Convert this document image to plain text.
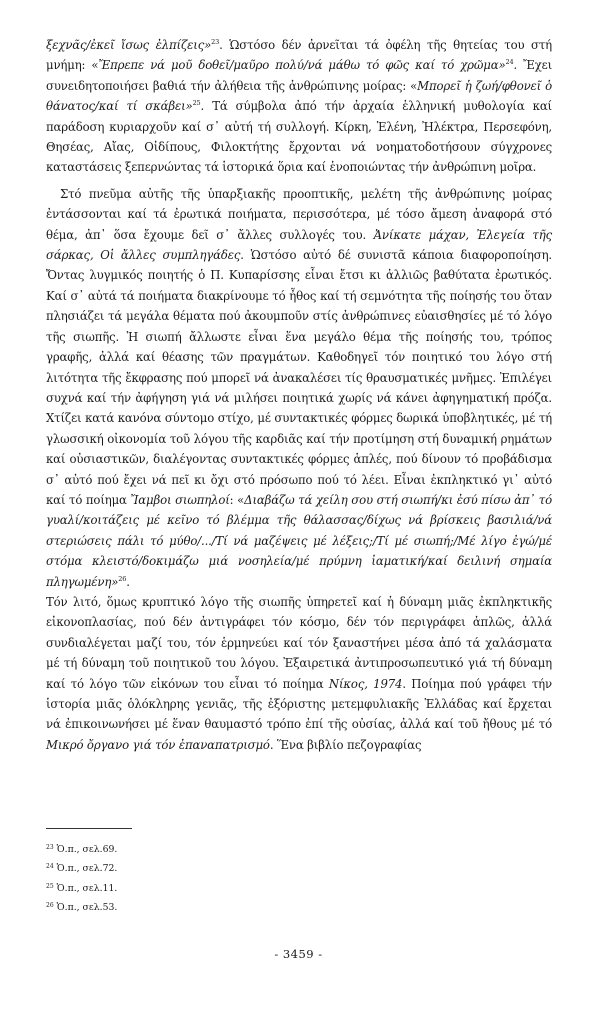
ξεχνᾶς/ἐκεῖ ἴσως ἐλπίζεις»$^{23}$. Ὡστόσο δέν ἀρνεῖται τά ὀφέλη τῆς θητείας του στή μνήμη: «Ἔπρεπε νά μοῦ δοθεῖ/μαῦρο πολύ/νά μάθω τό φῶς καί τό χρῶμα»$^{24}$. Ἔχει συνειδητοποιήσει βαθιά τήν ἀλήθεια τῆς ἀνθρώπινης μοίρας: «Μπορεῖ ἡ ζωή/φθονεῖ ὁ θάνατος/καί τί σκάβει»$^{25}$. Τά σύμβολα ἀπό τήν ἀρχαία ἑλληνική μυθολογία καί παράδοση κυριαρχοῦν καί σ᾽ αὐτή τή συλλογή. Κίρκη, Ἑλένη, Ἠλέκτρα, Περσεφόνη, Θησέας, Αἴας, Οἰδίπους, Φιλοκτήτης ἔρχονται νά νοηματοδοτήσουν σύγχρονες καταστάσεις ξεπερνώντας τά ἱστορικά ὅρια καί ἑνοποιώντας τήν ἀνθρώπινη μοῖρα.

Στό πνεῦμα αὐτῆς τῆς ὑπαρξιακῆς προοπτικῆς, μελέτη τῆς ἀνθρώπινης μοίρας ἐντάσσονται καί τά ἐρωτικά ποιήματα, περισσότερα, μέ τόσο ἄμεση ἀναφορά στό θέμα, ἀπ᾽ ὅσα ἔχουμε δεῖ σ᾽ ἄλλες συλλογές του. Ἀνίκατε μάχαν, Ἐλεγεία τῆς σάρκας, Οἱ ἄλλες συμπληγάδες. Ὡστόσο αὐτό δέ συνιστᾶ κάποια διαφοροποίηση. Ὄντας λυγμικός ποιητής ὁ Π. Κυπαρίσσης εἶναι ἔτσι κι ἀλλιῶς βαθύτατα ἐρωτικός. Καί σ᾽ αὐτά τά ποιήματα διακρίνουμε τό ἦθος καί τή σεμνότητα τῆς ποίησής του ὅταν πλησιάζει τά μεγάλα θέματα πού ἀκουμποῦν στίς ἀνθρώπινες εὐαισθησίες μέ τό λόγο τῆς σιωπῆς. Ἡ σιωπή ἄλλωστε εἶναι ἕνα μεγάλο θέμα τῆς ποίησής του, τρόπος γραφῆς, ἀλλά καί θέασης τῶν πραγμάτων. Καθοδηγεῖ τόν ποιητικό του λόγο στή λιτότητα τῆς ἔκφρασης πού μπορεῖ νά ἀνακαλέσει τίς θραυσματικές μνῆμες. Ἐπιλέγει συχνά καί τήν ἀφήγηση γιά νά μιλήσει ποιητικά χωρίς νά κάνει ἀφηγηματική πρόζα. Χτίζει κατά κανόνα σύντομο στίχο, μέ συντακτικές φόρμες δωρικά ὑποβλητικές, μέ τή γλωσσική οἰκονομία τοῦ λόγου τῆς καρδιᾶς καί τήν προτίμηση στή δυναμική ρημάτων καί οὐσιαστικῶν, διαλέγοντας συντακτικές φόρμες ἁπλές, πού δίνουν τό προβάδισμα σ᾽ αὐτό πού ἔχει νά πεῖ κι ὄχι στό πρόσωπο πού τό λέει. Εἶναι ἐκπληκτικό γι᾽ αὐτό καί τό ποίημα Ἴαμβοι σιωπηλοί: «Διαβάζω τά χείλη σου στή σιωπή/κι ἐσύ πίσω ἀπ᾽ τό γυαλί/κοιτάζεις μέ κεῖνο τό βλέμμα τῆς θάλασσας/δίχως νά βρίσκεις βασιλιά/νά στεριώσεις πάλι τό μύθο/.../Τί νά μαζέψεις μέ λέξεις;/Τί μέ σιωπή;/Μέ λίγο ἐγώ/μέ στόμα κλειστό/δοκιμάζω μιά νοσηλεία/μέ πρύμνη ἰαματική/καί δειλινή σημαία πληγωμένη»$^{26}$.

Τόν λιτό, ὅμως κρυπτικό λόγο τῆς σιωπῆς ὑπηρετεῖ καί ἡ δύναμη μιᾶς ἐκπληκτικῆς εἰκονοπλασίας, πού δέν ἀντιγράφει τόν κόσμο, δέν τόν περιγράφει ἁπλῶς, ἀλλά συνδιαλέγεται μαζί του, τόν ἑρμηνεύει καί τόν ξαναστήνει μέσα ἀπό τά χαλάσματα μέ τή δύναμη τοῦ ποιητικοῦ του λόγου. Ἐξαιρετικά ἀντιπροσωπευτικό γιά τή δύναμη καί τό λόγο τῶν εἰκόνων του εἶναι τό ποίημα Νίκος, 1974. Ποίημα πού γράφει τήν ἱστορία μιᾶς ὁλόκληρης γενιᾶς, τῆς ἐξόριστης μετεμφυλιακῆς Ἑλλάδας καί ἔρχεται νά ἐπικοινωνήσει μέ ἕναν θαυμαστό τρόπο ἐπί τῆς οὐσίας, ἀλλά καί τοῦ ἤθους μέ τό Μικρό ὄργανο γιά τόν ἐπαναπατρισμό. Ἕνα βιβλίο πεζογραφίας

$^{23}$ Ὁ.π., σελ.69.
$^{24}$ Ὁ.π., σελ.72.
$^{25}$ Ὁ.π., σελ.11.
$^{26}$ Ὁ.π., σελ.53.
- 3459 -
